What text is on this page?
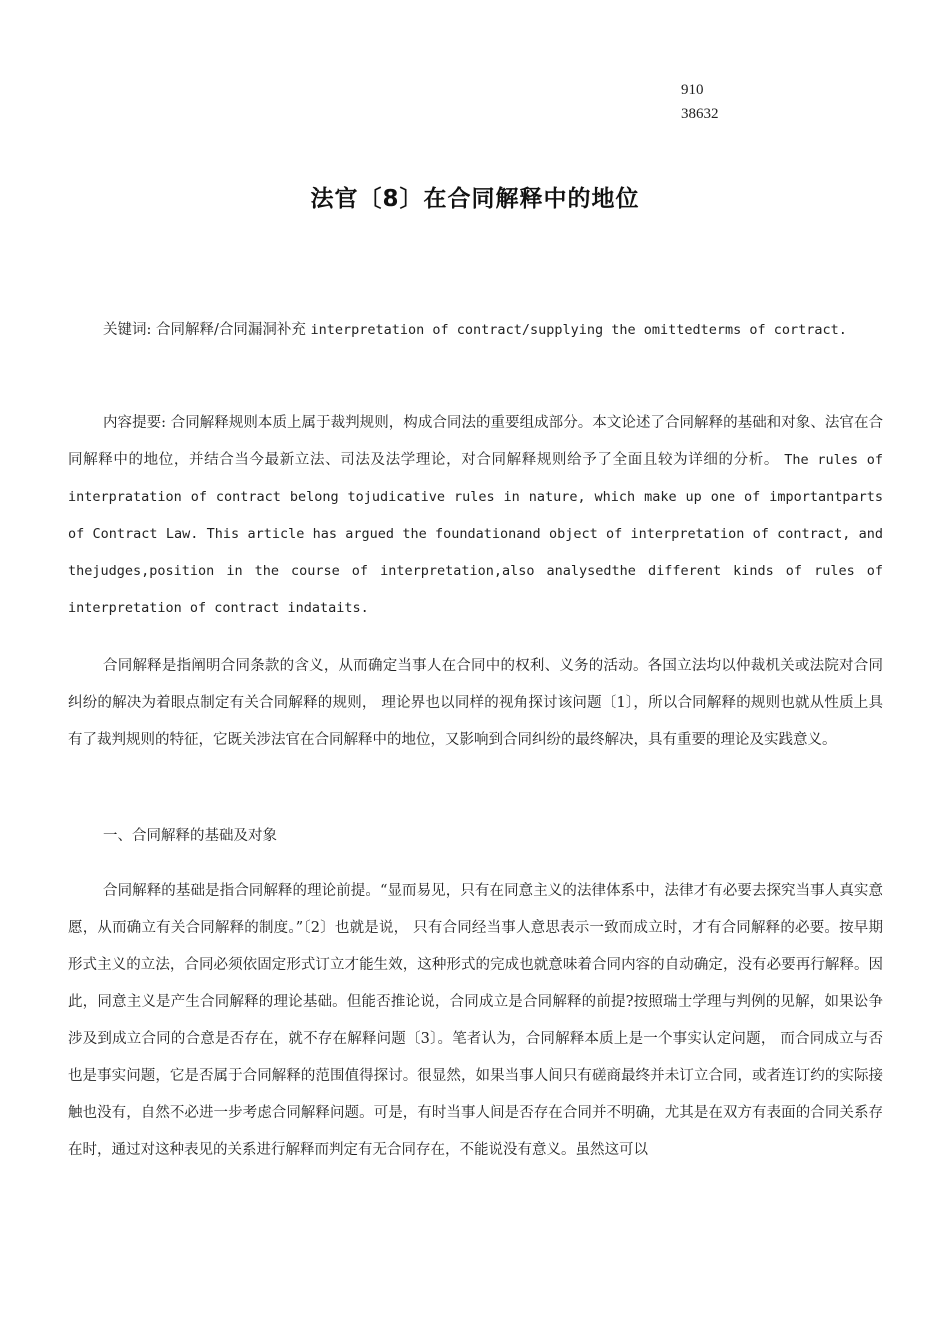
910
38632
法官〔8〕在合同解释中的地位
关键词: 合同解释/合同漏洞补充 interpretation of contract/supplying the omittedterms of cortract.
内容提要: 合同解释规则本质上属于裁判规则，构成合同法的重要组成部分。本文论述了合同解释的基础和对象、法官在合同解释中的地位，并结合当今最新立法、司法及法学理论，对合同解释规则给予了全面且较为详细的分析。 The rules of interpratation of contract belong tojudicative rules in nature, which make up one of importantparts of Contract Law. This article has argued the foundationand object of interpretation of contract, and thejudges,position in the course of interpretation,also analysedthe different kinds of rules of interpretation of contract indataits.
合同解释是指阐明合同条款的含义，从而确定当事人在合同中的权利、义务的活动。各国立法均以仲裁机关或法院对合同纠纷的解决为着眼点制定有关合同解释的规则， 理论界也以同样的视角探讨该问题〔1〕，所以合同解释的规则也就从性质上具有了裁判规则的特征，它既关涉法官在合同解释中的地位，又影响到合同纠纷的最终解决，具有重要的理论及实践意义。
一、合同解释的基础及对象
合同解释的基础是指合同解释的理论前提。“显而易见，只有在同意主义的法律体系中，法律才有必要去探究当事人真实意愿，从而确立有关合同解释的制度。”〔2〕也就是说， 只有合同经当事人意思表示一致而成立时，才有合同解释的必要。按早期形式主义的立法，合同必须依固定形式订立才能生效，这种形式的完成也就意味着合同内容的自动确定，没有必要再行解释。因此，同意主义是产生合同解释的理论基础。但能否推论说，合同成立是合同解释的前提?按照瑞士学理与判例的见解，如果讼争涉及到成立合同的合意是否存在，就不存在解释问题〔3〕。笔者认为，合同解释本质上是一个事实认定问题， 而合同成立与否也是事实问题，它是否属于合同解释的范围值得探讨。很显然，如果当事人间只有磋商最终并未订立合同，或者连订约的实际接触也没有，自然不必进一步考虑合同解释问题。可是，有时当事人间是否存在合同并不明确，尤其是在双方有表面的合同关系存在时，通过对这种表见的关系进行解释而判定有无合同存在，不能说没有意义。虽然这可以
